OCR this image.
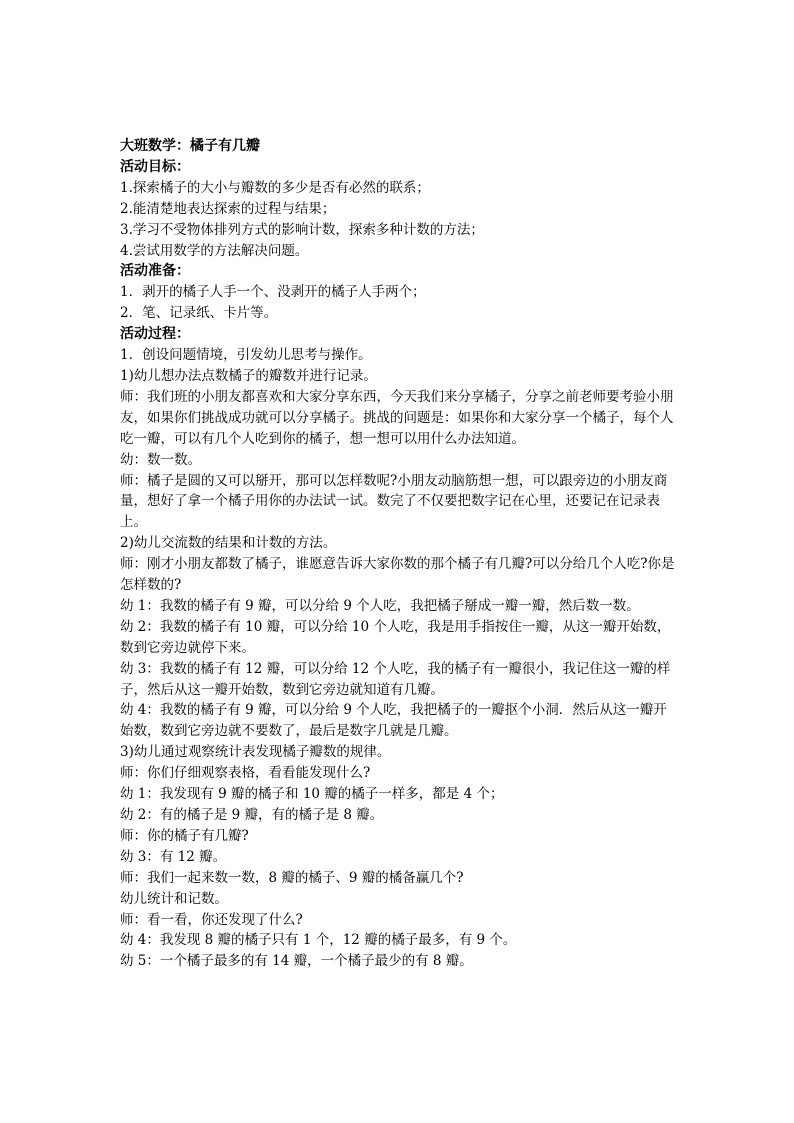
大班数学：橘子有几瓣

活动目标：

1.探索橘子的大小与瓣数的多少是否有必然的联系；

2.能清楚地表达探索的过程与结果；

3.学习不受物体排列方式的影响计数，探索多种计数的方法；

4.尝试用数学的方法解决问题。

活动准备：

1．剥开的橘子人手一个、没剥开的橘子人手两个；

2．笔、记录纸、卡片等。

活动过程：

1．创设问题情境，引发幼儿思考与操作。

1)幼儿想办法点数橘子的瓣数并进行记录。

师：我们班的小朋友都喜欢和大家分享东西，今天我们来分享橘子，分享之前老师要考验小朋友，如果你们挑战成功就可以分享橘子。挑战的问题是：如果你和大家分享一个橘子，每个人吃一瓣，可以有几个人吃到你的橘子，想一想可以用什么办法知道。

幼：数一数。

师：橘子是圆的又可以掰开，那可以怎样数呢?小朋友动脑筋想一想，可以跟旁边的小朋友商量，想好了拿一个橘子用你的办法试一试。数完了不仅要把数字记在心里，还要记在记录表上。

2)幼儿交流数的结果和计数的方法。

师：刚才小朋友都数了橘子，谁愿意告诉大家你数的那个橘子有几瓣?可以分给几个人吃?你是怎样数的?

幼 1：我数的橘子有 9 瓣，可以分给 9 个人吃，我把橘子掰成一瓣一瓣，然后数一数。

幼 2：我数的橘子有 10 瓣，可以分给 10 个人吃，我是用手指按住一瓣，从这一瓣开始数，数到它旁边就停下来。

幼 3：我数的橘子有 12 瓣，可以分给 12 个人吃，我的橘子有一瓣很小，我记住这一瓣的样子，然后从这一瓣开始数，数到它旁边就知道有几瓣。

幼 4：我数的橘子有 9 瓣，可以分给 9 个人吃，我把橘子的一瓣抠个小洞．然后从这一瓣开始数，数到它旁边就不要数了，最后是数字几就是几瓣。

3)幼儿通过观察统计表发现橘子瓣数的规律。

师：你们仔细观察表格，看看能发现什么?

幼 1：我发现有 9 瓣的橘子和 10 瓣的橘子一样多，都是 4 个；

幼 2：有的橘子是 9 瓣，有的橘子是 8 瓣。

师：你的橘子有几瓣?

幼 3：有 12 瓣。

师：我们一起来数一数，8 瓣的橘子、9 瓣的橘备赢几个?

幼儿统计和记数。

师：看一看，你还发现了什么?

幼 4：我发现 8 瓣的橘子只有 1 个，12 瓣的橘子最多，有 9 个。

幼 5：一个橘子最多的有 14 瓣，一个橘子最少的有 8 瓣。
